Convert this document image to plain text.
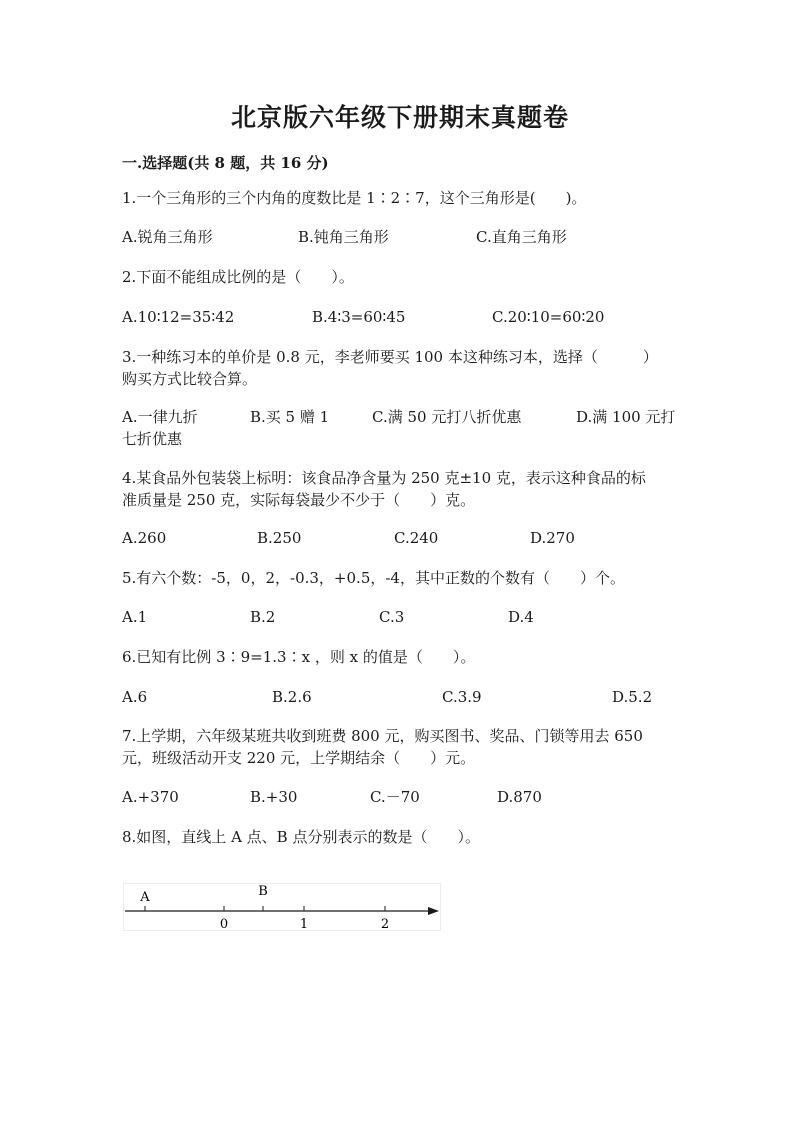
北京版六年级下册期末真题卷
一.选择题(共 8 题，共 16 分)
1.一个三角形的三个内角的度数比是 1∶2∶7，这个三角形是(　　)。
A.锐角三角形	B.钝角三角形	C.直角三角形
2.下面不能组成比例的是（　　）。
A.10∶12=35∶42	B.4∶3=60∶45	C.20∶10=60∶20
3.一种练习本的单价是 0.8 元，李老师要买 100 本这种练习本，选择（　　　）
购买方式比较合算。
A.一律九折	B.买 5 赠 1	C.满 50 元打八折优惠	D.满 100 元打
七折优惠
4.某食品外包装袋上标明：该食品净含量为 250 克±10 克，表示这种食品的标
准质量是 250 克，实际每袋最少不少于（　　）克。
A.260	B.250	C.240	D.270
5.有六个数：-5，0，2，-0.3，+0.5，-4，其中正数的个数有（　　）个。
A.1	B.2	C.3	D.4
6.已知有比例 3∶9=1.3∶x ，则 x 的值是（　　）。
A.6	B.2.6	C.3.9	D.5.2
7.上学期，六年级某班共收到班费 800 元，购买图书、奖品、门锁等用去 650
元，班级活动开支 220 元，上学期结余（　　）元。
A.+370	B.+30	C.－70	D.870
8.如图，直线上 A 点、B 点分别表示的数是（　　）。
A	B
0	1	2
